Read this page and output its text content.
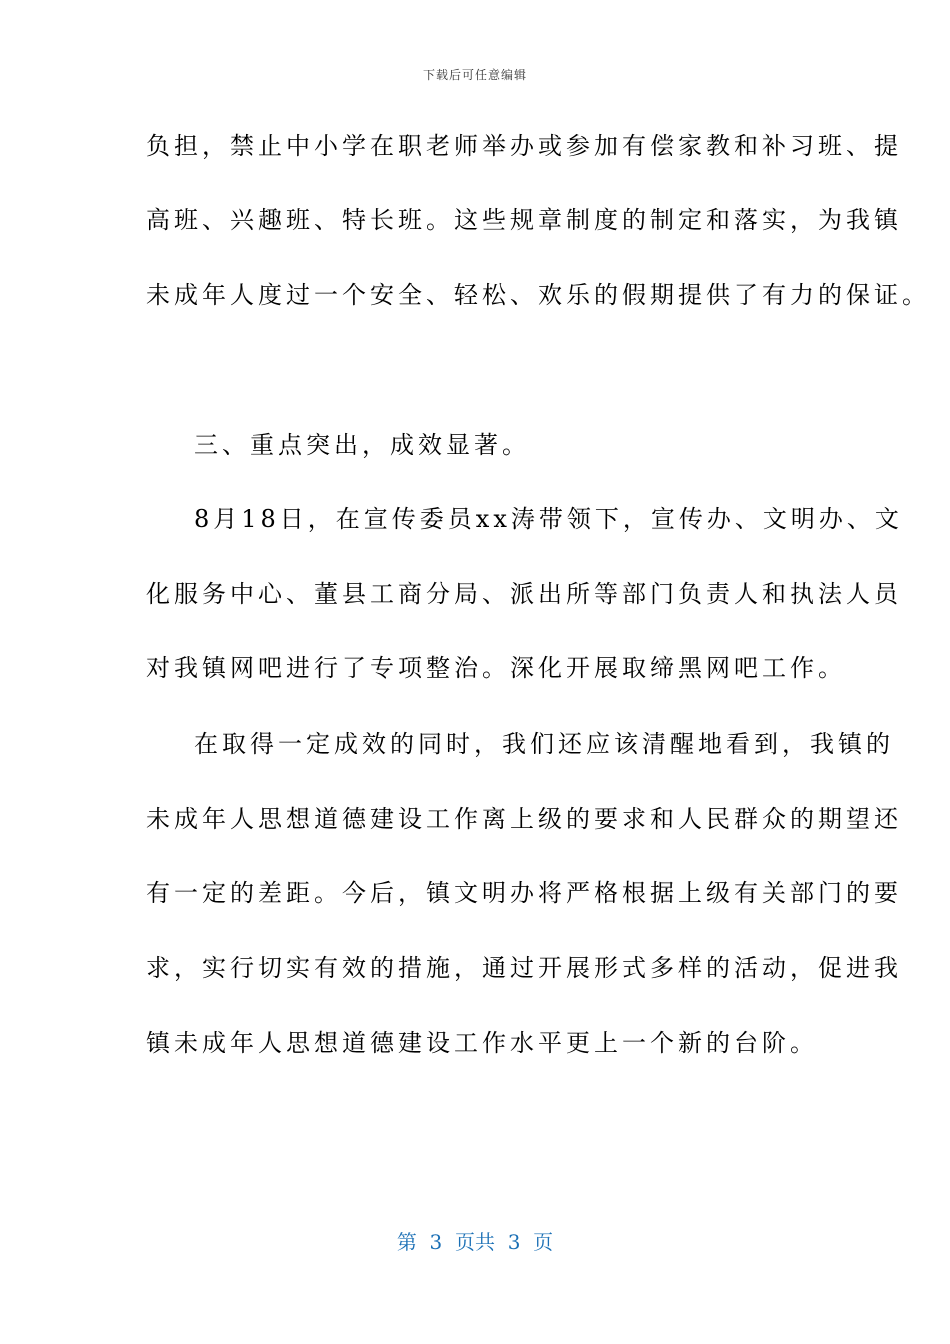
下载后可任意编辑
负担，禁止中小学在职老师举办或参加有偿家教和补习班、提
高班、兴趣班、特长班。这些规章制度的制定和落实，为我镇
未成年人度过一个安全、轻松、欢乐的假期提供了有力的保证。
三、重点突出，成效显著。
8月18日，在宣传委员xx涛带领下，宣传办、文明办、文
化服务中心、董县工商分局、派出所等部门负责人和执法人员
对我镇网吧进行了专项整治。深化开展取缔黑网吧工作。
在取得一定成效的同时，我们还应该清醒地看到，我镇的
未成年人思想道德建设工作离上级的要求和人民群众的期望还
有一定的差距。今后，镇文明办将严格根据上级有关部门的要
求，实行切实有效的措施，通过开展形式多样的活动，促进我
镇未成年人思想道德建设工作水平更上一个新的台阶。
第  3  页共  3  页
